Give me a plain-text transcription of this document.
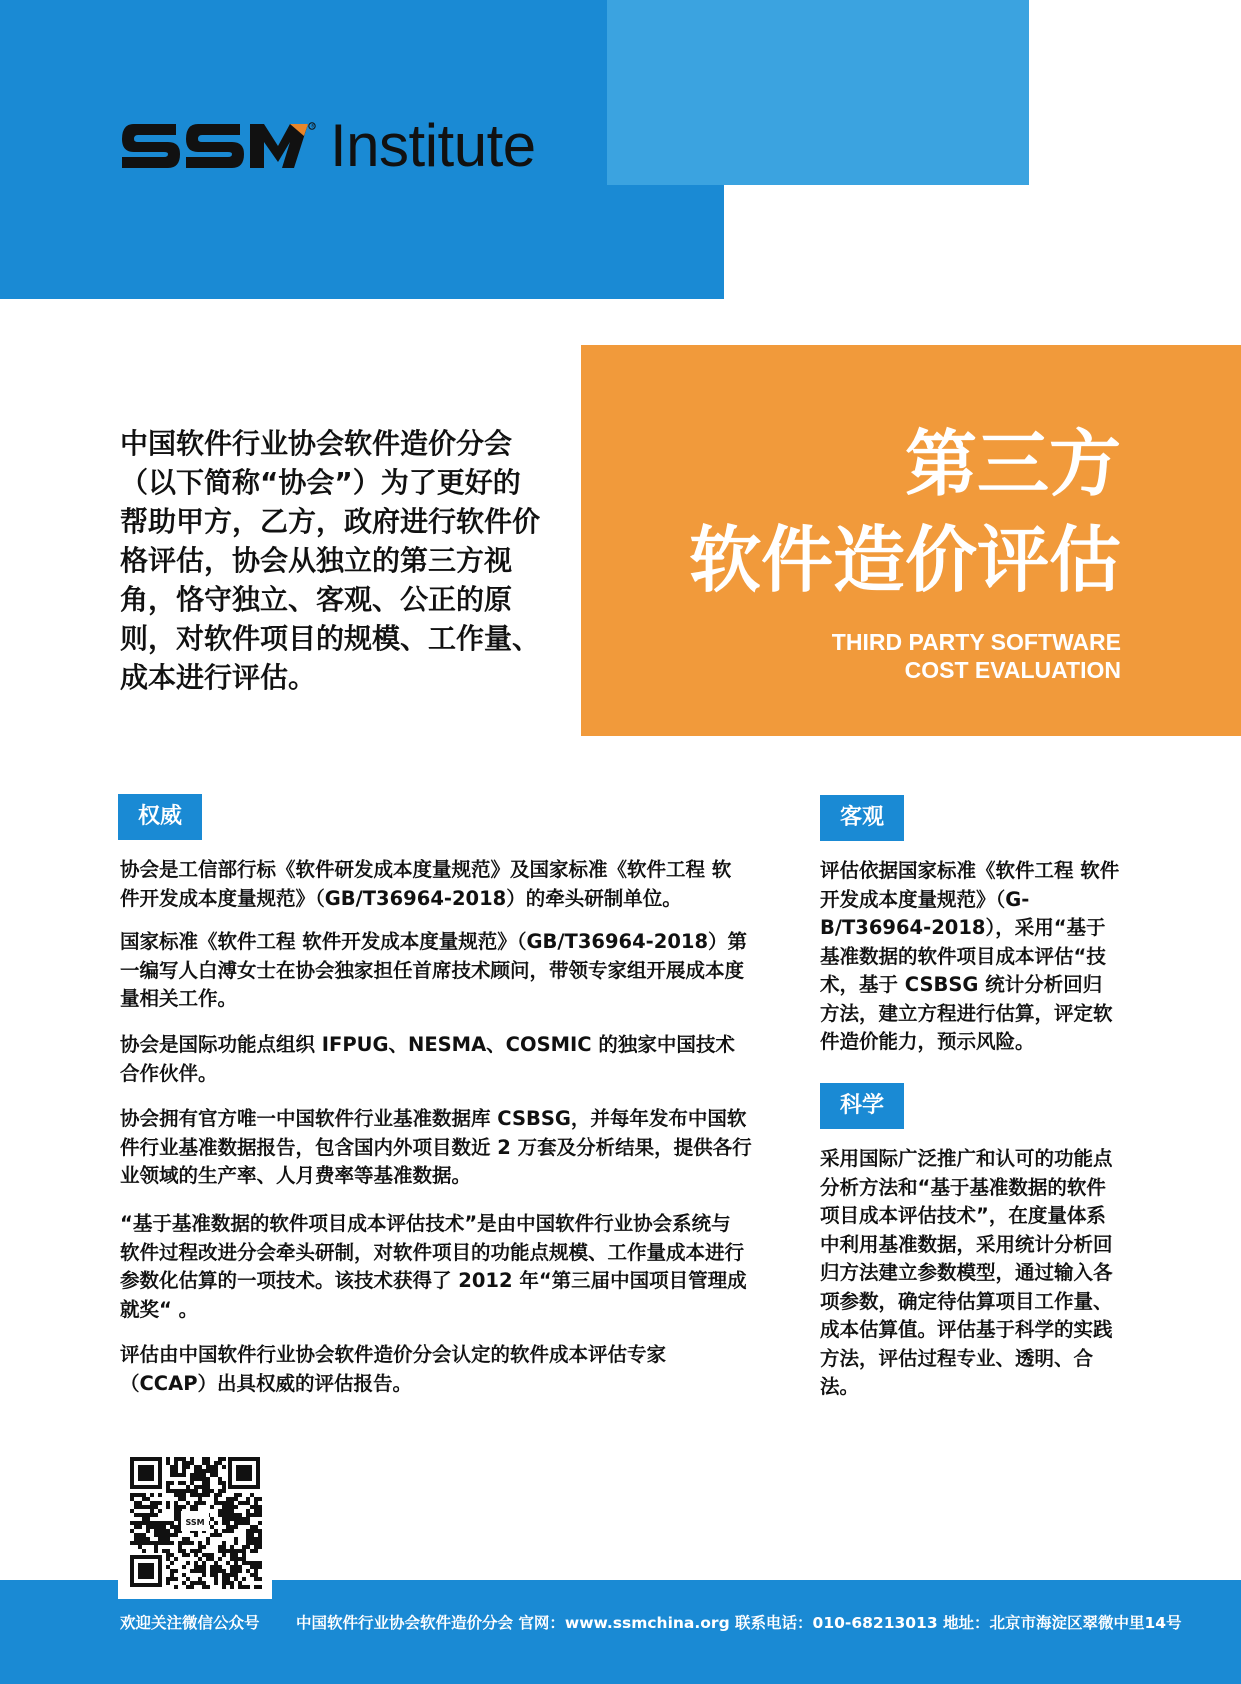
® Institute
中国软件行业协会软件造价分会（以下简称“协会”）为了更好的帮助甲方，乙方，政府进行软件价格评估，协会从独立的第三方视角，恪守独立、客观、公正的原则，对软件项目的规模、工作量、成本进行评估。
第三方
软件造价评估
THIRD PARTY SOFTWARE
COST EVALUATION
权威
协会是工信部行标《软件研发成本度量规范》及国家标准《软件工程 软件开发成本度量规范》（GB/T36964-2018）的牵头研制单位。
国家标准《软件工程 软件开发成本度量规范》（GB/T36964-2018）第一编写人白溥女士在协会独家担任首席技术顾问，带领专家组开展成本度量相关工作。
协会是国际功能点组织 IFPUG、NESMA、COSMIC 的独家中国技术合作伙伴。
协会拥有官方唯一中国软件行业基准数据库 CSBSG，并每年发布中国软件行业基准数据报告，包含国内外项目数近 2 万套及分析结果，提供各行业领域的生产率、人月费率等基准数据。
“基于基准数据的软件项目成本评估技术”是由中国软件行业协会系统与软件过程改进分会牵头研制，对软件项目的功能点规模、工作量成本进行参数化估算的一项技术。该技术获得了 2012 年“第三届中国项目管理成就奖“ 。
评估由中国软件行业协会软件造价分会认定的软件成本评估专家（CCAP）出具权威的评估报告。
客观
评估依据国家标准《软件工程 软件开发成本度量规范》（G-B/T36964-2018），采用“基于基准数据的软件项目成本评估“技术，基于 CSBSG 统计分析回归方法，建立方程进行估算，评定软件造价能力，预示风险。
科学
采用国际广泛推广和认可的功能点分析方法和“基于基准数据的软件项目成本评估技术”，在度量体系中利用基准数据，采用统计分析回归方法建立参数模型，通过输入各项参数，确定待估算项目工作量、成本估算值。评估基于科学的实践方法，评估过程专业、透明、合法。
欢迎关注微信公众号 中国软件行业协会软件造价分会 官网：www.ssmchina.org 联系电话：010-68213013 地址：北京市海淀区翠微中里14号
SSM
